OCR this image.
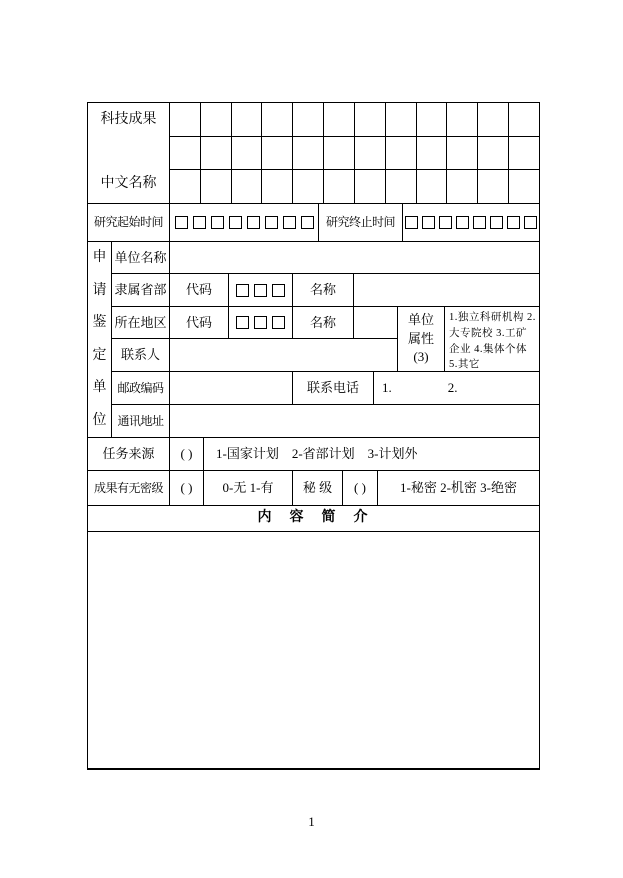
科技成果
中文名称
研究起始时间	研究终止时间
申
请
鉴
定
单
位
单位名称
隶属省部	代码	名称
所在地区	代码	名称	单位属性
(3)
1.独立科研机构 2.大专院校 3.工矿企业 4.集体个体 5.其它
联系人
邮政编码	联系电话	1.	2.
通讯地址
任务来源	( )	1-国家计划　2-省部计划　3-计划外
成果有无密级	( )	0-无 1-有	秘 级	( )	1-秘密 2-机密 3-绝密
内　容　简　介
1
